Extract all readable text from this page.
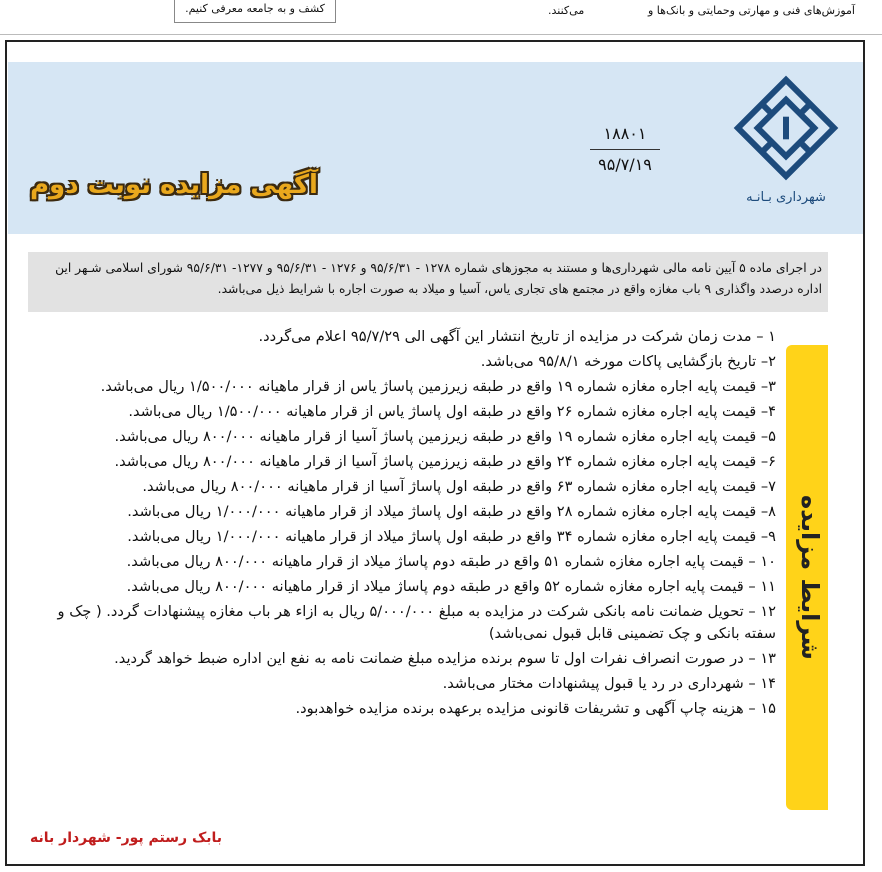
کشف و به جامعه معرفی کنیم.	می‌کنند.	آموزش‌های فنی و مهارتی وحمایتی و بانک‌ها و
شهرداری بـانـه
۱۸۸۰۱
۹۵/۷/۱۹
آگهی مزایده نوبت دوم
در اجرای ماده ۵ آیین نامه مالی شهرداری‌ها و مستند به مجوزهای شماره ۱۲۷۸ - ۹۵/۶/۳۱ و ۱۲۷۶ - ۹۵/۶/۳۱ و ۱۲۷۷- ۹۵/۶/۳۱ شورای اسلامی شـهر این اداره درصدد واگذاری ۹ باب مغازه واقع در مجتمع های تجاری یاس، آسیا و میلاد به صورت اجاره با شرایط ذیل می‌باشد.
شرایط مزایده
۱ – مدت زمان شرکت در مزایده از تاریخ انتشار این آگهی الی ۹۵/۷/۲۹ اعلام می‌گردد.
۲– تاریخ بازگشایی پاکات مورخه ۹۵/۸/۱ می‌باشد.
۳– قیمت پایه اجاره مغازه شماره ۱۹ واقع در طبقه زیرزمین پاساژ یاس از قرار ماهیانه ۱/۵۰۰/۰۰۰ ریال می‌باشد.
۴– قیمت پایه اجاره مغازه شماره ۲۶ واقع در طبقه اول پاساژ یاس از قرار ماهیانه ۱/۵۰۰/۰۰۰ ریال می‌باشد.
۵– قیمت پایه اجاره مغازه شماره ۱۹ واقع در طبقه زیرزمین پاساژ آسیا از قرار ماهیانه ۸۰۰/۰۰۰ ریال می‌باشد.
۶– قیمت پایه اجاره مغازه شماره ۲۴ واقع در طبقه زیرزمین پاساژ آسیا از قرار ماهیانه ۸۰۰/۰۰۰ ریال می‌باشد.
۷– قیمت پایه اجاره مغازه شماره ۶۳ واقع در طبقه اول پاساژ آسیا از قرار ماهیانه ۸۰۰/۰۰۰ ریال می‌باشد.
۸– قیمت پایه اجاره مغازه شماره ۲۸ واقع در طبقه اول پاساژ میلاد از قرار ماهیانه ۱/۰۰۰/۰۰۰ ریال می‌باشد.
۹– قیمت پایه اجاره مغازه شماره ۳۴ واقع در طبقه اول پاساژ میلاد از قرار ماهیانه ۱/۰۰۰/۰۰۰ ریال می‌باشد.
۱۰ – قیمت پایه اجاره مغازه شماره ۵۱ واقع در طبقه دوم پاساژ میلاد از قرار ماهیانه ۸۰۰/۰۰۰ ریال می‌باشد.
۱۱ – قیمت پایه اجاره مغازه شماره ۵۲ واقع در طبقه دوم پاساژ میلاد از قرار ماهیانه ۸۰۰/۰۰۰ ریال می‌باشد.
۱۲ – تحویل ضمانت نامه بانکی شرکت در مزایده به مبلغ ۵/۰۰۰/۰۰۰ ریال به ازاء هر باب مغازه پیشنهادات گردد. ( چک و سفته بانکی و چک تضمینی قابل قبول نمی‌باشد)
۱۳ – در صورت انصراف نفرات اول تا سوم برنده مزایده مبلغ ضمانت نامه به نفع این اداره ضبط خواهد گردید.
۱۴ – شهرداری در رد یا قبول پیشنهادات مختار می‌باشد.
۱۵ – هزینه چاپ آگهی و تشریفات قانونی مزایده برعهده برنده مزایده خواهدبود.
بابک رستم پور- شهردار بانه
